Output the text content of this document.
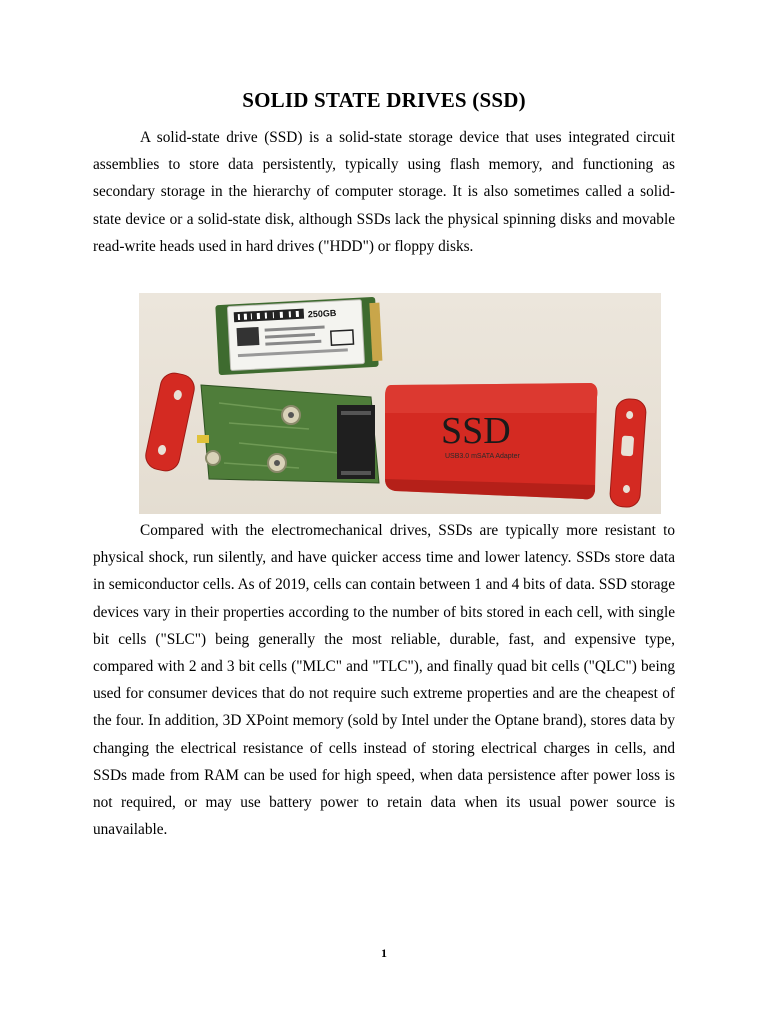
SOLID STATE DRIVES (SSD)

A solid-state drive (SSD) is a solid-state storage device that uses integrated circuit assemblies to store data persistently, typically using flash memory, and functioning as secondary storage in the hierarchy of computer storage. It is also sometimes called a solid-state device or a solid-state disk, although SSDs lack the physical spinning disks and movable read-write heads used in hard drives ("HDD") or floppy disks.

250GB
SSD
USB3.0 mSATA Adapter

Compared with the electromechanical drives, SSDs are typically more resistant to physical shock, run silently, and have quicker access time and lower latency. SSDs store data in semiconductor cells. As of 2019, cells can contain between 1 and 4 bits of data. SSD storage devices vary in their properties according to the number of bits stored in each cell, with single bit cells ("SLC") being generally the most reliable, durable, fast, and expensive type, compared with 2 and 3 bit cells ("MLC" and "TLC"), and finally quad bit cells ("QLC") being used for consumer devices that do not require such extreme properties and are the cheapest of the four. In addition, 3D XPoint memory (sold by Intel under the Optane brand), stores data by changing the electrical resistance of cells instead of storing electrical charges in cells, and SSDs made from RAM can be used for high speed, when data persistence after power loss is not required, or may use battery power to retain data when its usual power source is unavailable.

1
